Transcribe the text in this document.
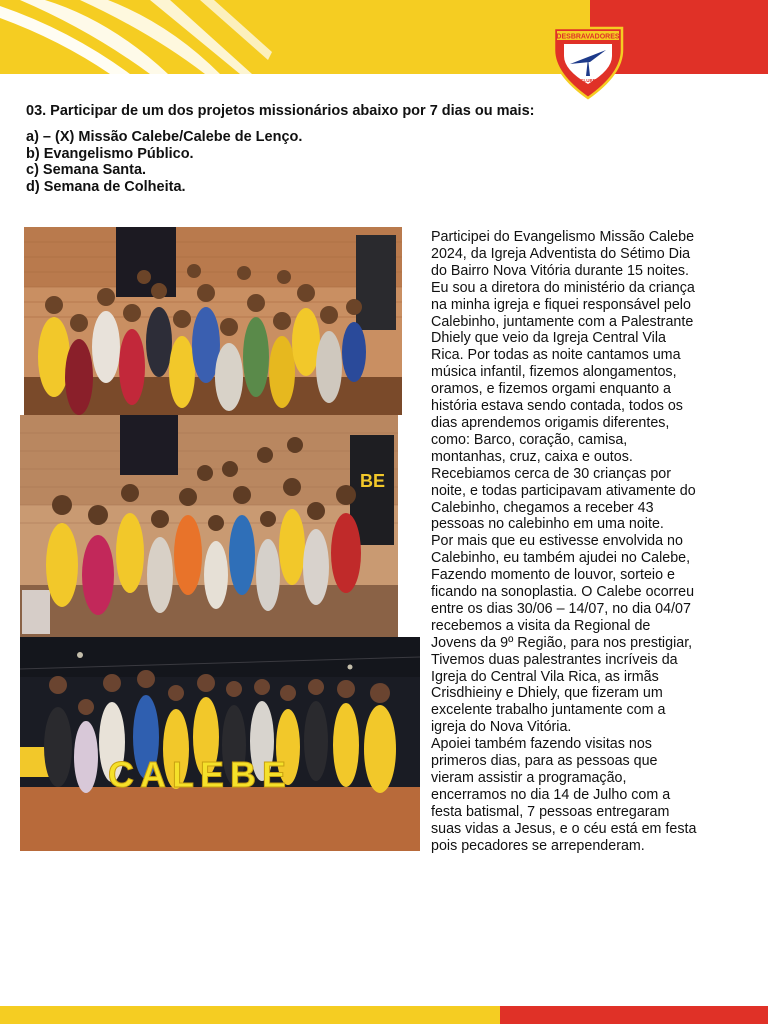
DESBRAVADORES
CLUBE
03. Participar de um dos projetos missionários abaixo por 7 dias ou mais:
a) – (X) Missão Calebe/Calebe de Lenço.
b) Evangelismo Público.
c) Semana Santa.
d) Semana de Colheita.
BE
CALEBE
Participei do Evangelismo Missão Calebe
2024, da Igreja Adventista do Sétimo Dia
do Bairro Nova Vitória durante 15 noites.
Eu sou a diretora do ministério da criança
na minha igreja e fiquei responsável pelo
Calebinho, juntamente com a Palestrante
Dhiely que veio da Igreja Central Vila
Rica. Por todas as noite cantamos uma
música infantil, fizemos alongamentos,
oramos, e fizemos orgami enquanto a
história estava sendo contada, todos os
dias aprendemos origamis diferentes,
como: Barco, coração, camisa,
montanhas, cruz, caixa e outos.
Recebiamos cerca de 30 crianças por
noite, e todas participavam ativamente do
Calebinho, chegamos a receber 43
pessoas no calebinho em uma noite.
Por mais que eu estivesse envolvida no
Calebinho, eu também ajudei no Calebe,
Fazendo momento de louvor, sorteio e
ficando na sonoplastia. O Calebe ocorreu
entre os dias 30/06 – 14/07, no dia 04/07
recebemos a visita da Regional de
Jovens da 9º Região, para nos prestigiar,
Tivemos duas palestrantes incríveis da
Igreja do Central Vila Rica, as irmãs
Crisdhieiny e Dhiely, que fizeram um
excelente trabalho juntamente com a
igreja do Nova Vitória.
Apoiei também fazendo visitas nos
primeros dias, para as pessoas que
vieram assistir a programação,
encerramos no dia 14 de Julho com a
festa batismal, 7 pessoas entregaram
suas vidas a Jesus, e o céu está em festa
pois pecadores se arrependeram.
